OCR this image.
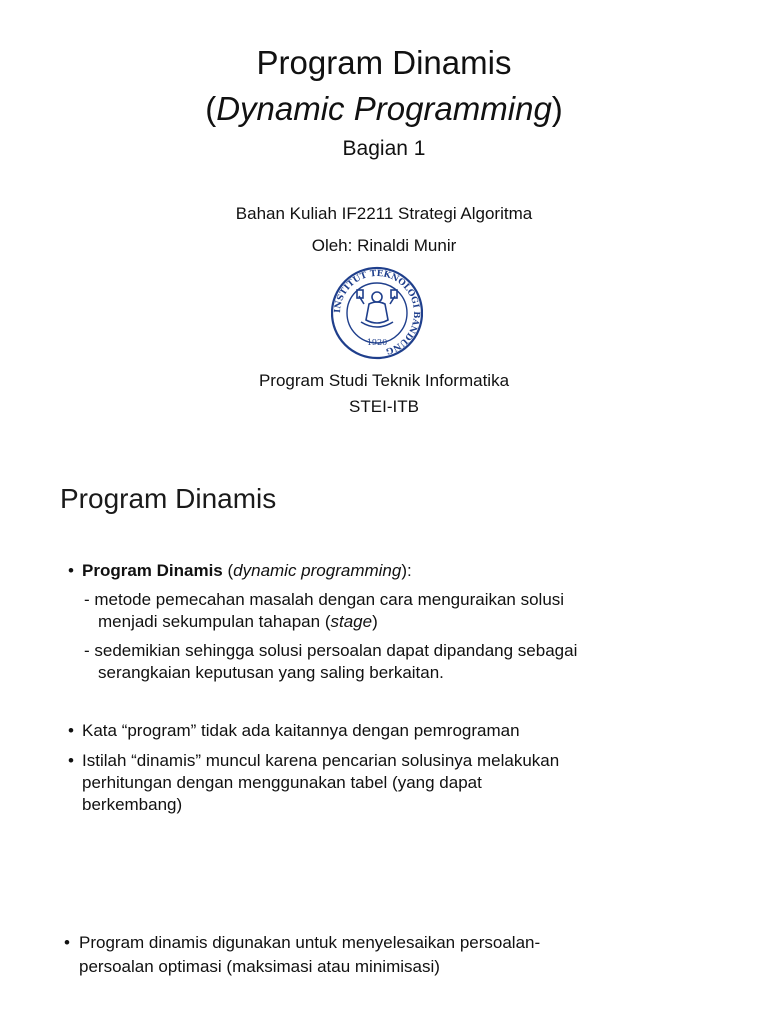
Program Dinamis
(Dynamic Programming)
Bagian 1
Bahan Kuliah IF2211 Strategi Algoritma
Oleh: Rinaldi Munir
INSTITUT TEKNOLOGI BANDUNG
1920
Program Studi Teknik Informatika
STEI-ITB
Program Dinamis
• Program Dinamis (dynamic programming):
- metode pemecahan masalah dengan cara menguraikan solusi
menjadi sekumpulan tahapan (stage)
- sedemikian sehingga solusi persoalan dapat dipandang sebagai
serangkaian keputusan yang saling berkaitan.
• Kata “program” tidak ada kaitannya dengan pemrograman
• Istilah “dinamis” muncul karena pencarian solusinya melakukan
perhitungan dengan menggunakan tabel (yang dapat
berkembang)
• Program dinamis digunakan untuk menyelesaikan persoalan-
persoalan optimasi (maksimasi atau minimisasi)
